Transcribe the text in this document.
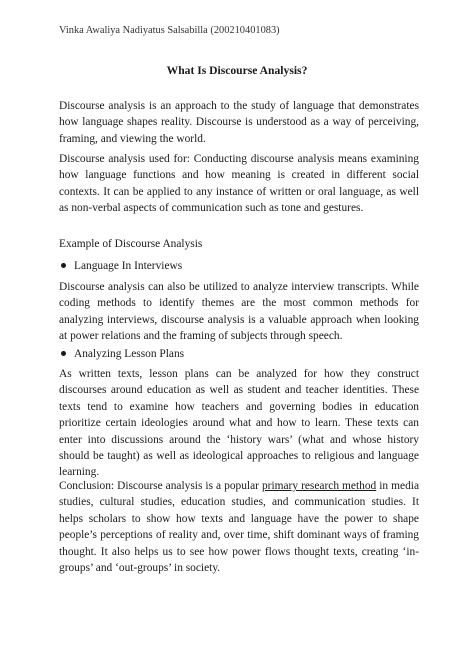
Vinka Awaliya Nadiyatus Salsabilla (200210401083)
What Is Discourse Analysis?

Discourse analysis is an approach to the study of language that demonstrates how language shapes reality. Discourse is understood as a way of perceiving, framing, and viewing the world.

Discourse analysis used for: Conducting discourse analysis means examining how language functions and how meaning is created in different social contexts. It can be applied to any instance of written or oral language, as well as non-verbal aspects of communication such as tone and gestures.

Example of Discourse Analysis

Language In Interviews

Discourse analysis can also be utilized to analyze interview transcripts. While coding methods to identify themes are the most common methods for analyzing interviews, discourse analysis is a valuable approach when looking at power relations and the framing of subjects through speech.

Analyzing Lesson Plans

As written texts, lesson plans can be analyzed for how they construct discourses around education as well as student and teacher identities. These texts tend to examine how teachers and governing bodies in education prioritize certain ideologies around what and how to learn. These texts can enter into discussions around the ‘history wars’ (what and whose history should be taught) as well as ideological approaches to religious and language learning.

Conclusion: Discourse analysis is a popular primary research method in media studies, cultural studies, education studies, and communication studies. It helps scholars to show how texts and language have the power to shape people’s perceptions of reality and, over time, shift dominant ways of framing thought. It also helps us to see how power flows thought texts, creating ‘in-groups’ and ‘out-groups’ in society.
